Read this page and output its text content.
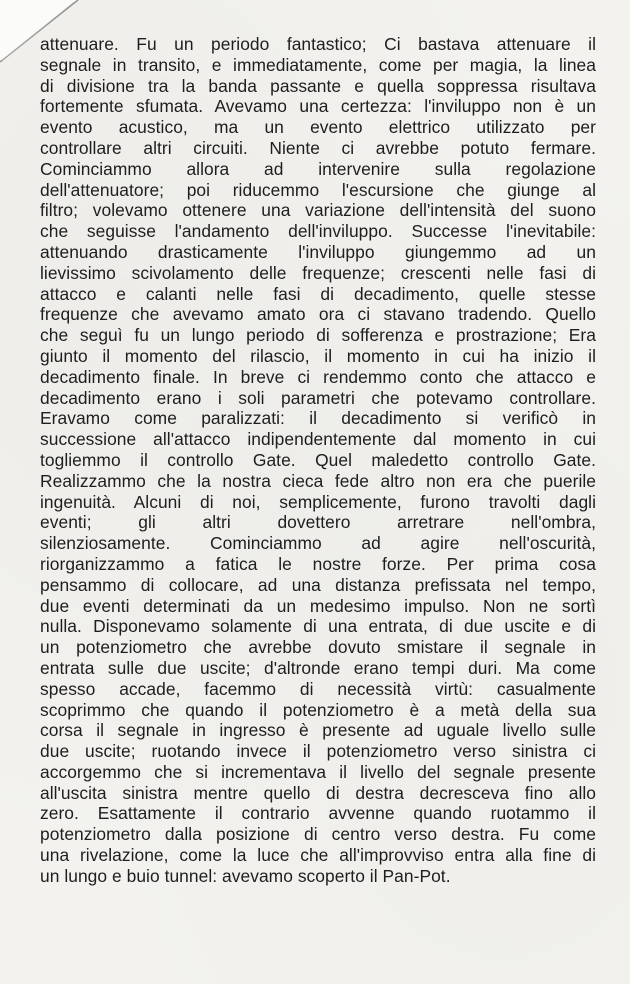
attenuare. Fu un periodo fantastico; Ci bastava attenuare il
segnale in transito, e immediatamente, come per magia, la linea
di divisione tra la banda passante e quella soppressa risultava
fortemente sfumata. Avevamo una certezza: l'inviluppo non è un
evento acustico, ma un evento elettrico utilizzato per
controllare altri circuiti. Niente ci avrebbe potuto fermare.
Cominciammo allora ad intervenire sulla regolazione
dell'attenuatore; poi riducemmo l'escursione che giunge al
filtro; volevamo ottenere una variazione dell'intensità del suono
che seguisse l'andamento dell'inviluppo. Successe l'inevitabile:
attenuando drasticamente l'inviluppo giungemmo ad un
lievissimo scivolamento delle frequenze; crescenti nelle fasi di
attacco e calanti nelle fasi di decadimento, quelle stesse
frequenze che avevamo amato ora ci stavano tradendo. Quello
che seguì fu un lungo periodo di sofferenza e prostrazione; Era
giunto il momento del rilascio, il momento in cui ha inizio il
decadimento finale. In breve ci rendemmo conto che attacco e
decadimento erano i soli parametri che potevamo controllare.
Eravamo come paralizzati: il decadimento si verificò in
successione all'attacco indipendentemente dal momento in cui
togliemmo il controllo Gate. Quel maledetto controllo Gate.
Realizzammo che la nostra cieca fede altro non era che puerile
ingenuità. Alcuni di noi, semplicemente, furono travolti dagli
eventi; gli altri dovettero arretrare nell'ombra,
silenziosamente. Cominciammo ad agire nell'oscurità,
riorganizzammo a fatica le nostre forze. Per prima cosa
pensammo di collocare, ad una distanza prefissata nel tempo,
due eventi determinati da un medesimo impulso. Non ne sortì
nulla. Disponevamo solamente di una entrata, di due uscite e di
un potenziometro che avrebbe dovuto smistare il segnale in
entrata sulle due uscite; d'altronde erano tempi duri. Ma come
spesso accade, facemmo di necessità virtù: casualmente
scoprimmo che quando il potenziometro è a metà della sua
corsa il segnale in ingresso è presente ad uguale livello sulle
due uscite; ruotando invece il potenziometro verso sinistra ci
accorgemmo che si incrementava il livello del segnale presente
all'uscita sinistra mentre quello di destra decresceva fino allo
zero. Esattamente il contrario avvenne quando ruotammo il
potenziometro dalla posizione di centro verso destra. Fu come
una rivelazione, come la luce che all'improvviso entra alla fine di
un lungo e buio tunnel: avevamo scoperto il Pan-Pot.
